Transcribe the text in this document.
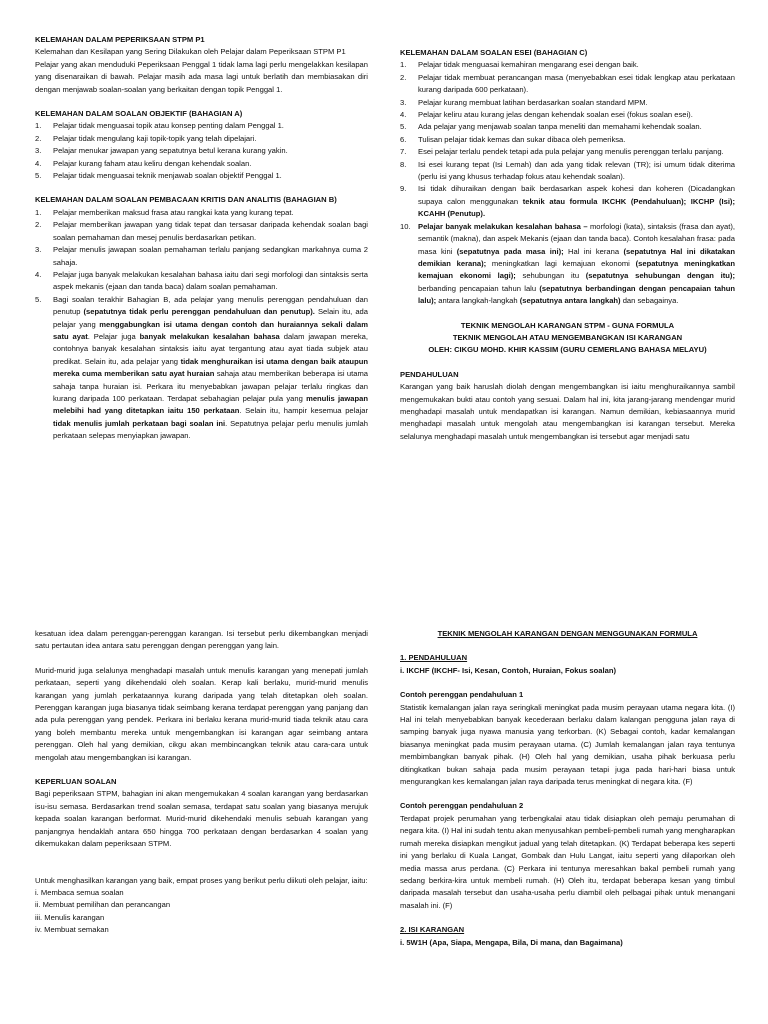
KELEMAHAN DALAM PEPERIKSAAN STPM P1

Kelemahan dan Kesilapan yang Sering Dilakukan oleh Pelajar dalam Peperiksaan STPM P1

Pelajar yang akan menduduki Peperiksaan Penggal 1 tidak lama lagi perlu mengelakkan kesilapan yang disenaraikan di bawah. Pelajar masih ada masa lagi untuk berlatih dan membiasakan diri dengan menjawab soalan-soalan yang berkaitan dengan topik Penggal 1.

KELEMAHAN DALAM SOALAN OBJEKTIF (BAHAGIAN A)

1.	Pelajar tidak menguasai topik atau konsep penting dalam Penggal 1.
2.	Pelajar tidak mengulang kaji topik-topik yang telah dipelajari.
3.	Pelajar menukar jawapan yang sepatutnya betul kerana kurang yakin.
4.	Pelajar kurang faham atau keliru dengan kehendak soalan.
5.	Pelajar tidak menguasai teknik menjawab soalan objektif Penggal 1.

KELEMAHAN DALAM SOALAN PEMBACAAN KRITIS DAN ANALITIS (BAHAGIAN B)

1.	Pelajar memberikan maksud frasa atau rangkai kata yang kurang tepat.
2.	Pelajar memberikan jawapan yang tidak tepat dan tersasar daripada kehendak soalan bagi soalan pemahaman dan mesej penulis berdasarkan petikan.
3.	Pelajar menulis jawapan soalan pemahaman terlalu panjang sedangkan markahnya cuma 2 sahaja.
4.	Pelajar juga banyak melakukan kesalahan bahasa iaitu dari segi morfologi dan sintaksis serta aspek mekanis (ejaan dan tanda baca) dalam soalan pemahaman.
5.	Bagi soalan terakhir Bahagian B, ada pelajar yang menulis perenggan pendahuluan dan penutup (sepatutnya tidak perlu perenggan pendahuluan dan penutup). Selain itu, ada pelajar yang menggabungkan isi utama dengan contoh dan huraiannya sekali dalam satu ayat. Pelajar juga banyak melakukan kesalahan bahasa dalam jawapan mereka, contohnya banyak kesalahan sintaksis iaitu ayat tergantung atau ayat tiada subjek atau predikat. Selain itu, ada pelajar yang tidak menghuraikan isi utama dengan baik ataupun mereka cuma memberikan satu ayat huraian sahaja atau memberikan beberapa isi utama sahaja tanpa huraian isi. Perkara itu menyebabkan jawapan pelajar terlalu ringkas dan kurang daripada 100 perkataan. Terdapat sebahagian pelajar pula yang menulis jawapan melebihi had yang ditetapkan iaitu 150 perkataan. Selain itu, hampir kesemua pelajar tidak menulis jumlah perkataan bagi soalan ini. Sepatutnya pelajar perlu menulis jumlah perkataan selepas menyiapkan jawapan.

KELEMAHAN DALAM SOALAN ESEI (BAHAGIAN C)

1.	Pelajar tidak menguasai kemahiran mengarang esei dengan baik.
2.	Pelajar tidak membuat perancangan masa (menyebabkan esei tidak lengkap atau perkataan kurang daripada 600 perkataan).
3.	Pelajar kurang membuat latihan berdasarkan soalan standard MPM.
4.	Pelajar keliru atau kurang jelas dengan kehendak soalan esei (fokus soalan esei).
5.	Ada pelajar yang menjawab soalan tanpa meneliti dan memahami kehendak soalan.
6.	Tulisan pelajar tidak kemas dan sukar dibaca oleh pemeriksa.
7.	Esei pelajar terlalu pendek tetapi ada pula pelajar yang menulis perenggan terlalu panjang.
8.	Isi esei kurang tepat (Isi Lemah) dan ada yang tidak relevan (TR); isi umum tidak diterima (perlu isi yang khusus terhadap fokus atau kehendak soalan).
9.	Isi tidak dihuraikan dengan baik berdasarkan aspek kohesi dan koheren (Dicadangkan supaya calon menggunakan teknik atau formula IKCHK (Pendahuluan); IKCHP (Isi); KCAHH (Penutup).
10. Pelajar banyak melakukan kesalahan bahasa – morfologi (kata), sintaksis (frasa dan ayat), semantik (makna), dan aspek Mekanis (ejaan dan tanda baca). Contoh kesalahan frasa: pada masa kini (sepatutnya pada masa ini); Hal ini kerana (sepatutnya Hal ini dikatakan demikian kerana); meningkatkan lagi kemajuan ekonomi (sepatutnya meningkatkan kemajuan ekonomi lagi); sehubungan itu (sepatutnya sehubungan dengan itu); berbanding pencapaian tahun lalu (sepatutnya berbandingan dengan pencapaian tahun lalu); antara langkah-langkah (sepatutnya antara langkah) dan sebagainya.

TEKNIK MENGOLAH KARANGAN STPM - GUNA FORMULA

TEKNIK MENGOLAH ATAU MENGEMBANGKAN ISI KARANGAN

OLEH: CIKGU MOHD. KHIR KASSIM (GURU CEMERLANG BAHASA MELAYU)

PENDAHULUAN

Karangan yang baik haruslah diolah dengan mengembangkan isi iaitu menghuraikannya sambil mengemukakan bukti atau contoh yang sesuai. Dalam hal ini, kita jarang-jarang mendengar murid menghadapi masalah untuk mendapatkan isi karangan. Namun demikian, kebiasaannya murid menghadapi masalah untuk mengolah atau mengembangkan isi karangan tersebut. Mereka selalunya menghadapi masalah untuk mengembangkan isi tersebut agar menjadi satu

kesatuan idea dalam perenggan-perenggan karangan. Isi tersebut perlu dikembangkan menjadi satu pertautan idea antara satu perenggan dengan perenggan yang lain.

Murid-murid juga selalunya menghadapi masalah untuk menulis karangan yang menepati jumlah perkataan, seperti yang dikehendaki oleh soalan. Kerap kali berlaku, murid-murid menulis karangan yang jumlah perkataannya kurang daripada yang telah ditetapkan oleh soalan. Perenggan karangan juga biasanya tidak seimbang kerana terdapat perenggan yang panjang dan ada pula perenggan yang pendek. Perkara ini berlaku kerana murid-murid tiada teknik atau cara yang boleh membantu mereka untuk mengembangkan isi karangan agar seimbang antara perenggan. Oleh hal yang demikian, cikgu akan membincangkan teknik atau cara-cara untuk mengolah atau mengembangkan isi karangan.

KEPERLUAN SOALAN

Bagi peperiksaan STPM, bahagian ini akan mengemukakan 4 soalan karangan yang berdasarkan isu-isu semasa. Berdasarkan trend soalan semasa, terdapat satu soalan yang biasanya merujuk kepada soalan karangan berformat. Murid-murid dikehendaki menulis sebuah karangan yang panjangnya hendaklah antara 650 hingga 700 perkataan dengan berdasarkan 4 soalan yang dikemukakan dalam peperiksaan STPM.

Untuk menghasilkan karangan yang baik, empat proses yang berikut perlu diikuti oleh pelajar, iaitu:

i. Membaca semua soalan
ii. Membuat pemilihan dan perancangan
iii. Menulis karangan
iv. Membuat semakan

TEKNIK MENGOLAH KARANGAN DENGAN MENGGUNAKAN FORMULA

1. PENDAHULUAN

i. IKCHF (IKCHF- Isi, Kesan, Contoh, Huraian, Fokus soalan)

Contoh perenggan pendahuluan 1

Statistik kemalangan jalan raya seringkali meningkat pada musim perayaan utama negara kita. (I) Hal ini telah menyebabkan banyak kecederaan berlaku dalam kalangan pengguna jalan raya di samping banyak juga nyawa manusia yang terkorban. (K) Sebagai contoh, kadar kemalangan biasanya meningkat pada musim perayaan utama. (C) Jumlah kemalangan jalan raya tentunya membimbangkan banyak pihak. (H) Oleh hal yang demikian, usaha pihak berkuasa perlu ditingkatkan bukan sahaja pada musim perayaan tetapi juga pada hari-hari biasa untuk mengurangkan kes kemalangan jalan raya daripada terus meningkat di negara kita. (F)

Contoh perenggan pendahuluan 2

Terdapat projek perumahan yang terbengkalai atau tidak disiapkan oleh pemaju perumahan di negara kita. (I) Hal ini sudah tentu akan menyusahkan pembeli-pembeli rumah yang mengharapkan rumah mereka disiapkan mengikut jadual yang telah ditetapkan. (K) Terdapat beberapa kes seperti ini yang berlaku di Kuala Langat, Gombak dan Hulu Langat, iaitu seperti yang dilaporkan oleh media massa arus perdana. (C) Perkara ini tentunya meresahkan bakal pembeli rumah yang sedang berkira-kira untuk membeli rumah. (H) Oleh itu, terdapat beberapa kesan yang timbul daripada masalah tersebut dan usaha-usaha perlu diambil oleh pelbagai pihak untuk menangani masalah ini. (F)

2. ISI KARANGAN

i. 5W1H (Apa, Siapa, Mengapa, Bila, Di mana, dan Bagaimana)
